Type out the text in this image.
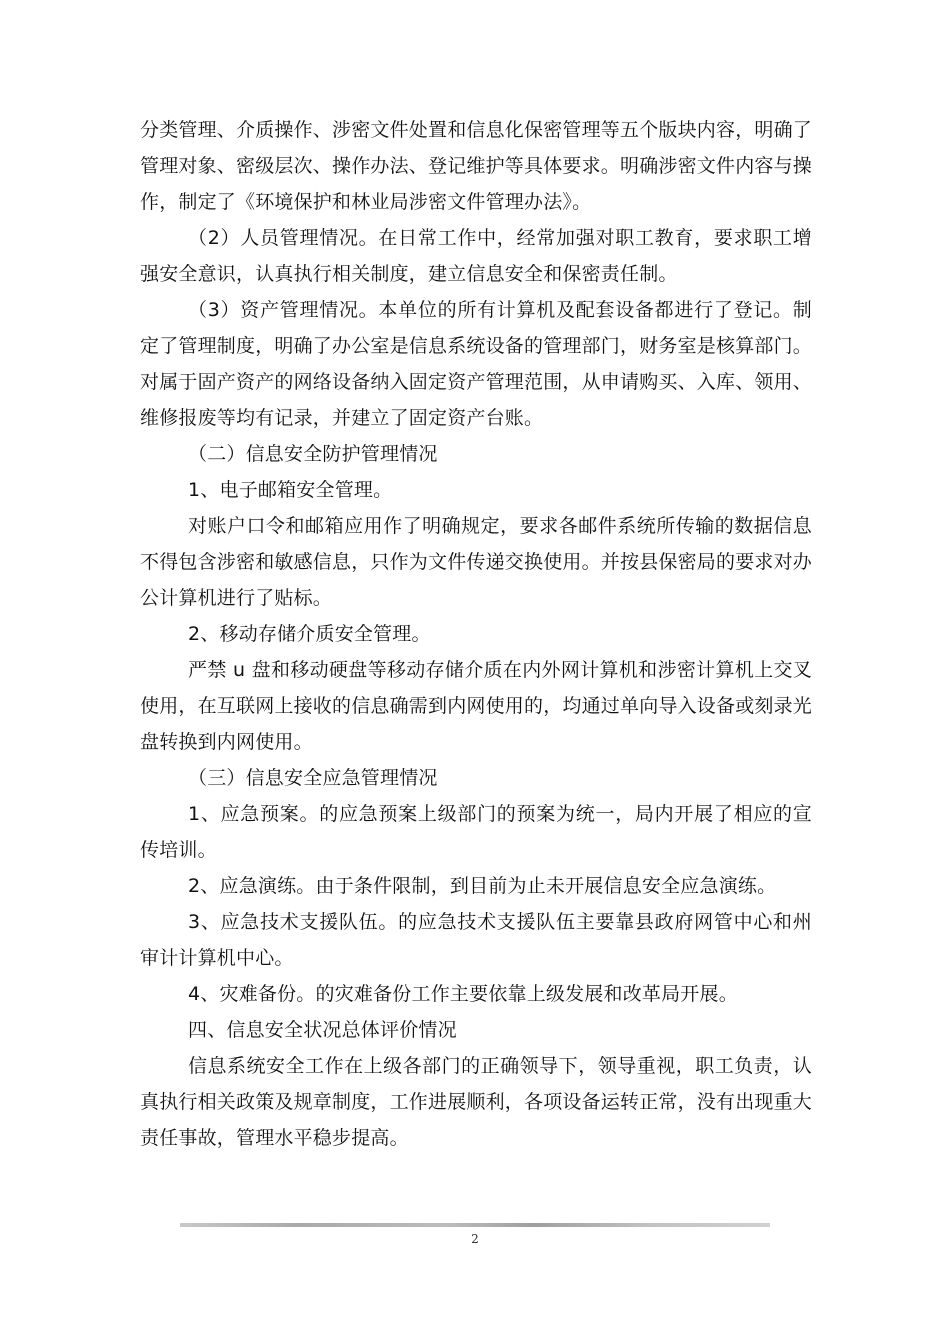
分类管理、介质操作、涉密文件处置和信息化保密管理等五个版块内容，明确了管理对象、密级层次、操作办法、登记维护等具体要求。明确涉密文件内容与操作，制定了《环境保护和林业局涉密文件管理办法》。

（2）人员管理情况。在日常工作中，经常加强对职工教育，要求职工增强安全意识，认真执行相关制度，建立信息安全和保密责任制。

（3）资产管理情况。本单位的所有计算机及配套设备都进行了登记。制定了管理制度，明确了办公室是信息系统设备的管理部门，财务室是核算部门。对属于固产资产的网络设备纳入固定资产管理范围，从申请购买、入库、领用、维修报废等均有记录，并建立了固定资产台账。

（二）信息安全防护管理情况

1、电子邮箱安全管理。

对账户口令和邮箱应用作了明确规定，要求各邮件系统所传输的数据信息不得包含涉密和敏感信息，只作为文件传递交换使用。并按县保密局的要求对办公计算机进行了贴标。

2、移动存储介质安全管理。

严禁 u 盘和移动硬盘等移动存储介质在内外网计算机和涉密计算机上交叉使用，在互联网上接收的信息确需到内网使用的，均通过单向导入设备或刻录光盘转换到内网使用。

（三）信息安全应急管理情况

1、应急预案。的应急预案上级部门的预案为统一，局内开展了相应的宣传培训。

2、应急演练。由于条件限制，到目前为止未开展信息安全应急演练。

3、应急技术支援队伍。的应急技术支援队伍主要靠县政府网管中心和州审计计算机中心。

4、灾难备份。的灾难备份工作主要依靠上级发展和改革局开展。

四、信息安全状况总体评价情况

信息系统安全工作在上级各部门的正确领导下，领导重视，职工负责，认真执行相关政策及规章制度，工作进展顺利，各项设备运转正常，没有出现重大责任事故，管理水平稳步提高。

2
